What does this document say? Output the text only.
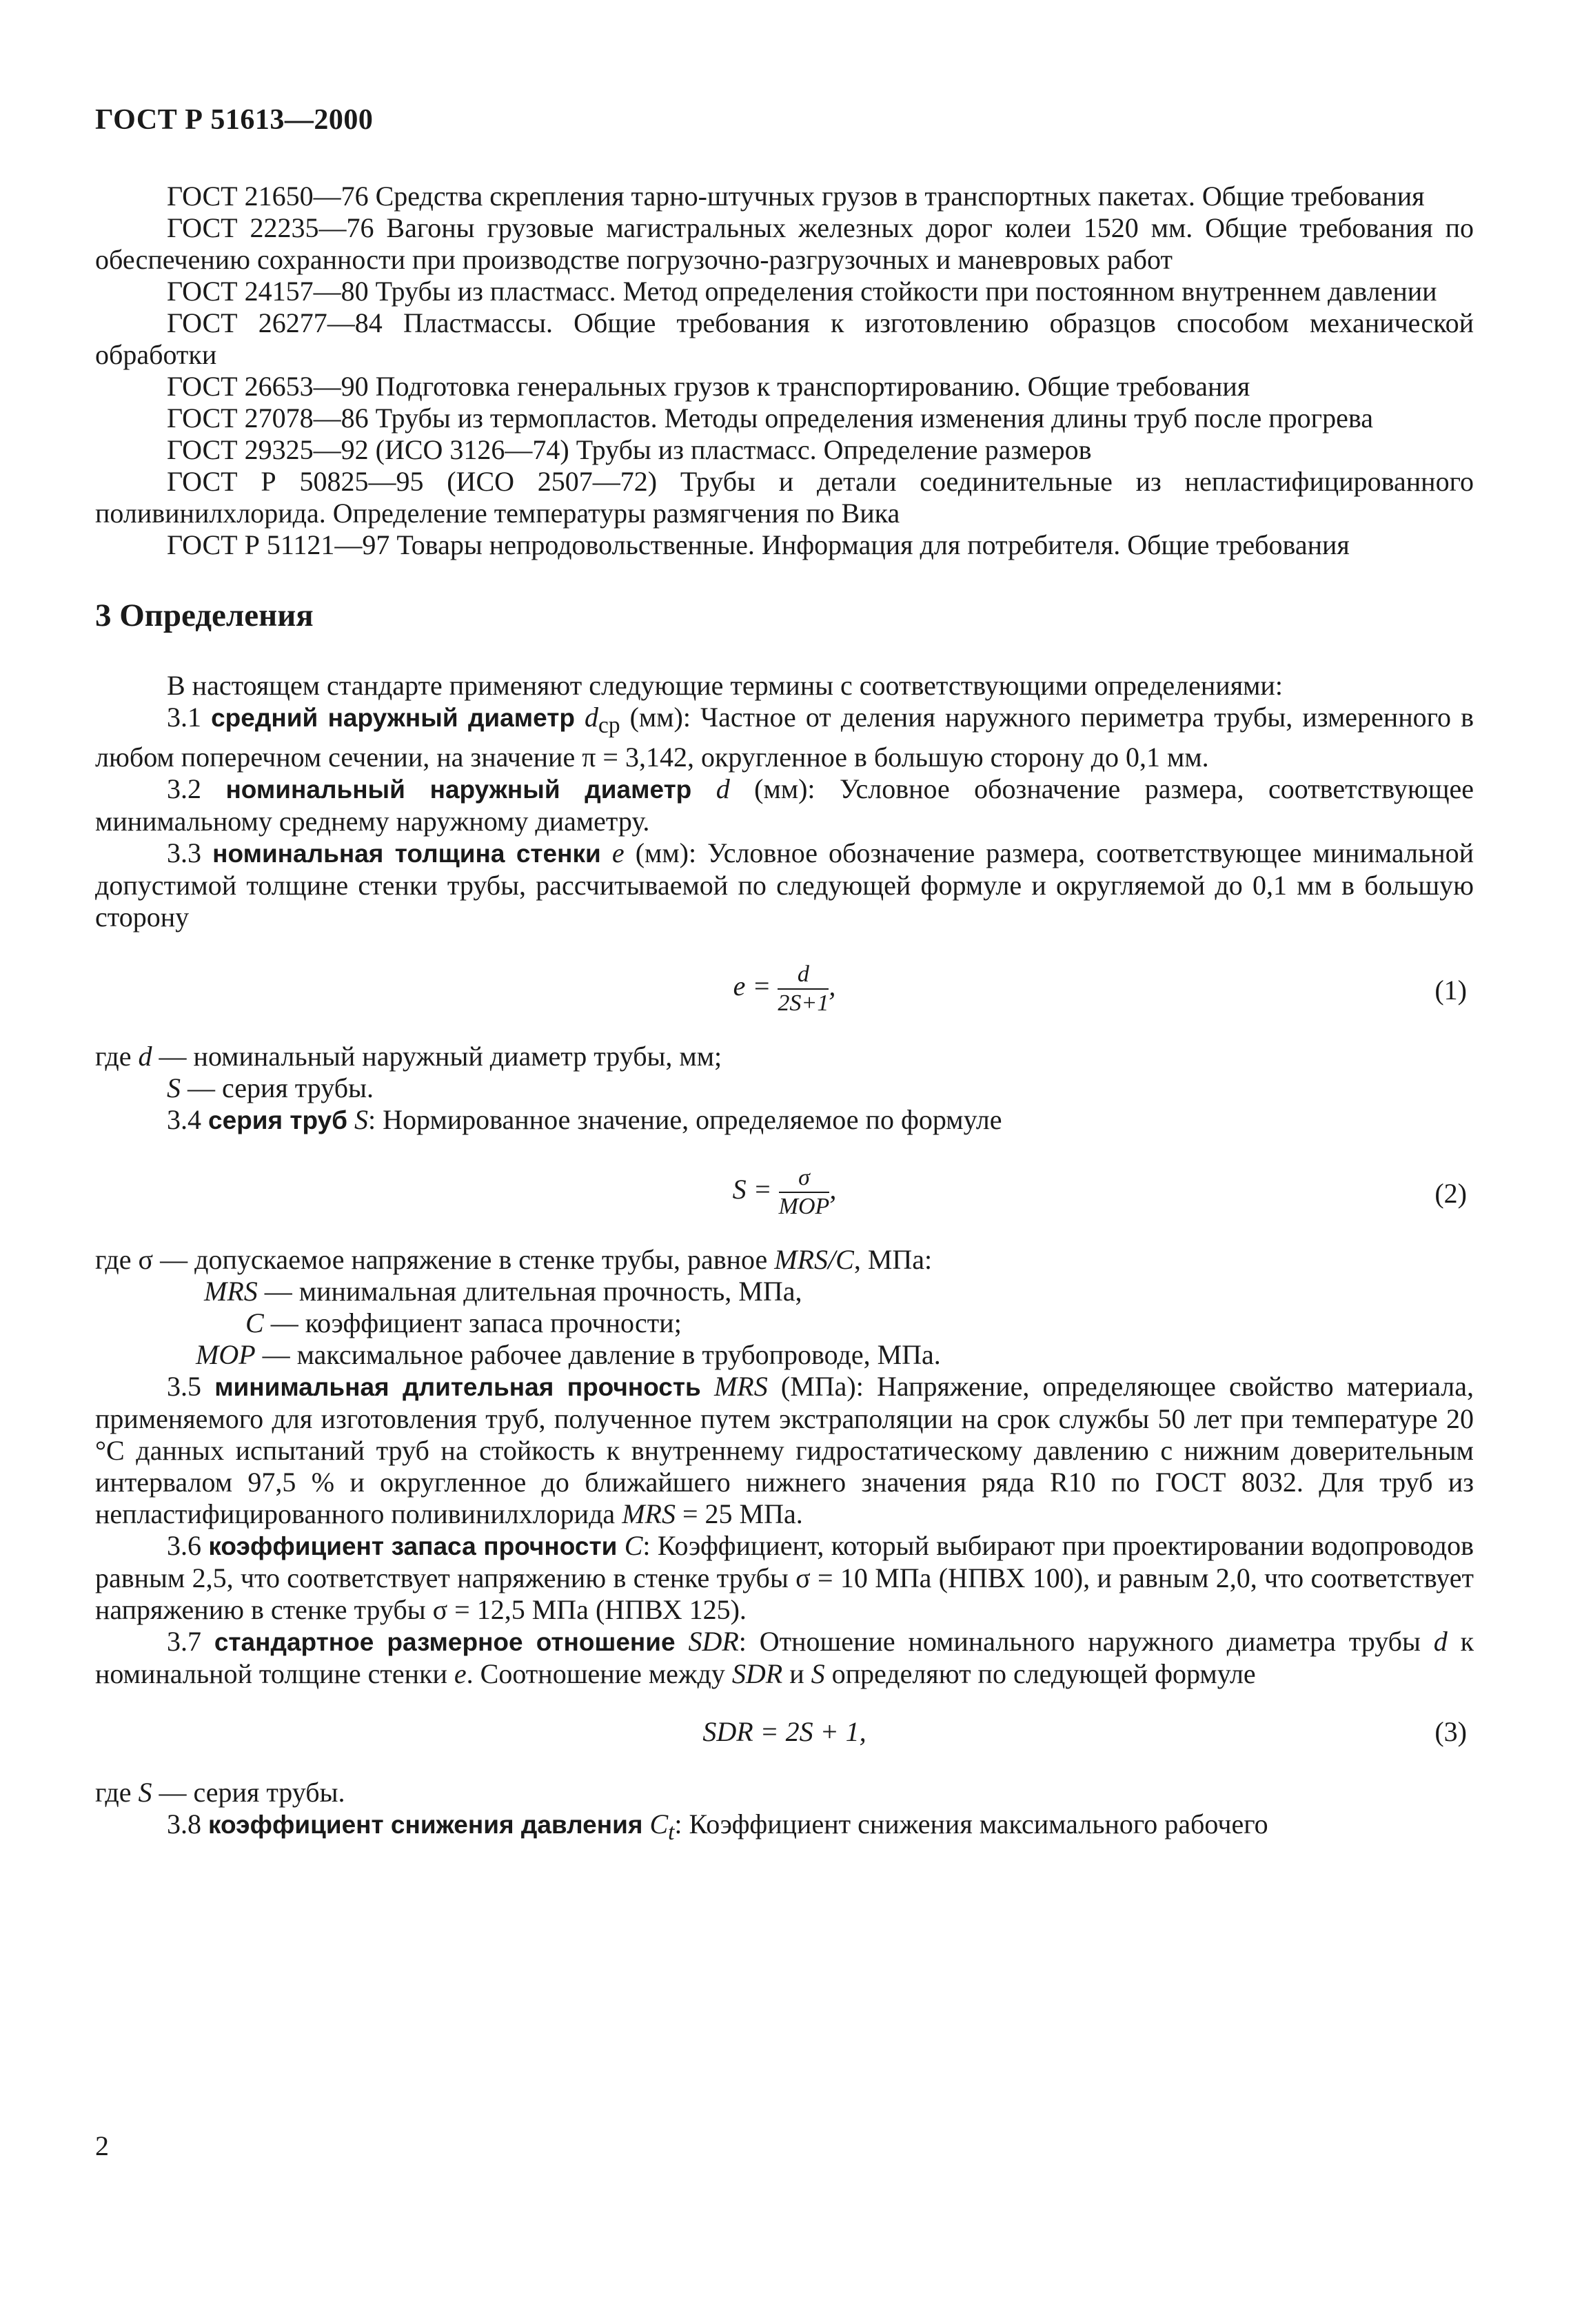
ГОСТ Р 51613—2000

ГОСТ 21650—76 Средства скрепления тарно-штучных грузов в транспортных пакетах. Общие требования

ГОСТ 22235—76 Вагоны грузовые магистральных железных дорог колеи 1520 мм. Общие требования по обеспечению сохранности при производстве погрузочно-разгрузочных и маневровых работ

ГОСТ 24157—80 Трубы из пластмасс. Метод определения стойкости при постоянном внутреннем давлении

ГОСТ 26277—84 Пластмассы. Общие требования к изготовлению образцов способом механической обработки

ГОСТ 26653—90 Подготовка генеральных грузов к транспортированию. Общие требования

ГОСТ 27078—86 Трубы из термопластов. Методы определения изменения длины труб после прогрева

ГОСТ 29325—92 (ИСО 3126—74) Трубы из пластмасс. Определение размеров

ГОСТ Р 50825—95 (ИСО 2507—72) Трубы и детали соединительные из непластифицированного поливинилхлорида. Определение температуры размягчения по Вика

ГОСТ Р 51121—97 Товары непродовольственные. Информация для потребителя. Общие требования

3 Определения

В настоящем стандарте применяют следующие термины с соответствующими определениями:

3.1 средний наружный диаметр $d_{ср}$ (мм): Частное от деления наружного периметра трубы, измеренного в любом поперечном сечении, на значение π = 3,142, округленное в большую сторону до 0,1 мм.

3.2 номинальный наружный диаметр d (мм): Условное обозначение размера, соответствующее минимальному среднему наружному диаметру.

3.3 номинальная толщина стенки e (мм): Условное обозначение размера, соответствующее минимальной допустимой толщине стенки трубы, рассчитываемой по следующей формуле и округляемой до 0,1 мм в большую сторону

$e = \frac{d}{2S+1}$ ,	(1)

где d — номинальный наружный диаметр трубы, мм;

S — серия трубы.

3.4 серия труб S: Нормированное значение, определяемое по формуле

$S = \frac{\sigma}{\text{MOP}}$ ,	(2)

где σ — допускаемое напряжение в стенке трубы, равное MRS/C, МПа:

MRS — минимальная длительная прочность, МПа,

C — коэффициент запаса прочности;

MOP — максимальное рабочее давление в трубопроводе, МПа.

3.5 минимальная длительная прочность MRS (МПа): Напряжение, определяющее свойство материала, применяемого для изготовления труб, полученное путем экстраполяции на срок службы 50 лет при температуре 20 °С данных испытаний труб на стойкость к внутреннему гидростатическому давлению с нижним доверительным интервалом 97,5 % и округленное до ближайшего нижнего значения ряда R10 по ГОСТ 8032. Для труб из непластифицированного поливинилхлорида MRS = 25 МПа.

3.6 коэффициент запаса прочности C: Коэффициент, который выбирают при проектировании водопроводов равным 2,5, что соответствует напряжению в стенке трубы σ = 10 МПа (НПВХ 100), и равным 2,0, что соответствует напряжению в стенке трубы σ = 12,5 МПа (НПВХ 125).

3.7 стандартное размерное отношение SDR: Отношение номинального наружного диаметра трубы d к номинальной толщине стенки e. Соотношение между SDR и S определяют по следующей формуле

SDR = 2S + 1,	(3)

где S — серия трубы.

3.8 коэффициент снижения давления $C_t$: Коэффициент снижения максимального рабочего

2
